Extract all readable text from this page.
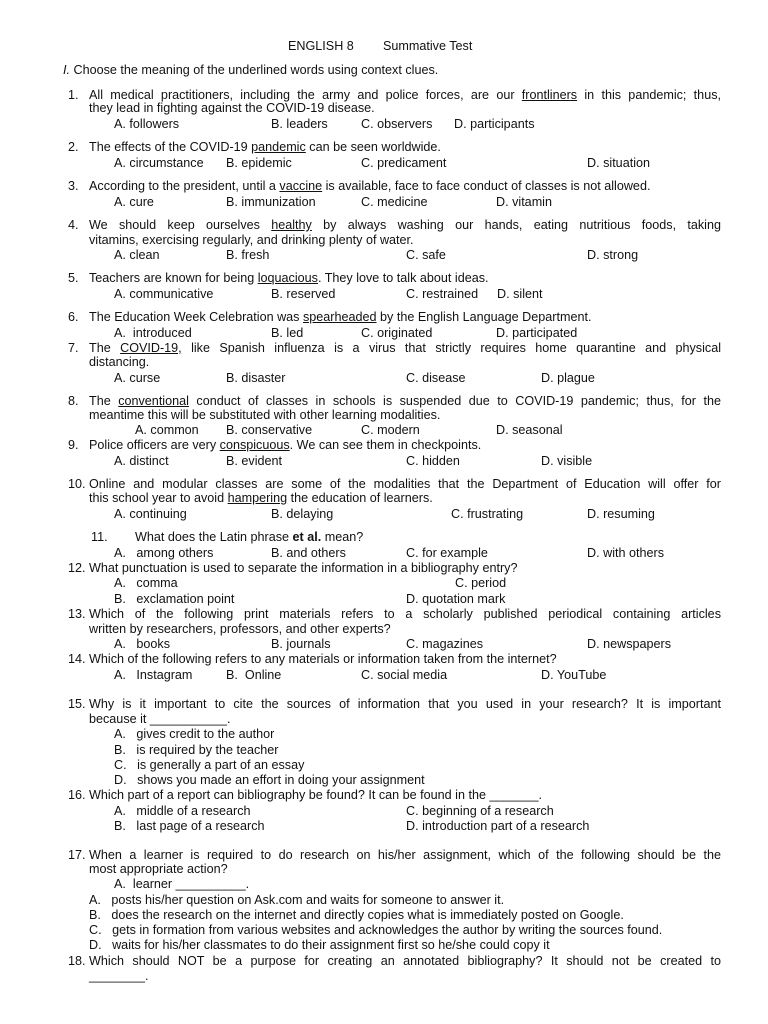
ENGLISH 8 Summative Test
I. Choose the meaning of the underlined words using context clues.
1. All medical practitioners, including the army and police forces, are our frontliners in this pandemic; thus,
they lead in fighting against the COVID-19 disease.
A. followers	B. leaders	C. observers D. participants
2. The effects of the COVID-19 pandemic can be seen worldwide.
A. circumstance B. epidemic	C. predicament	D. situation
3. According to the president, until a vaccine is available, face to face conduct of classes is not allowed.
A. cure	B. immunization	C. medicine	D. vitamin
4. We should keep ourselves healthy by always washing our hands, eating nutritious foods, taking
vitamins, exercising regularly, and drinking plenty of water.
A. clean	B. fresh	C. safe	D. strong
5. Teachers are known for being loquacious. They love to talk about ideas.
A. communicative	B. reserved	C. restrained D. silent
6. The Education Week Celebration was spearheaded by the English Language Department.
A.  introduced	B. led	C. originated	D. participated
7. The COVID-19, like Spanish influenza is a virus that strictly requires home quarantine and physical
distancing.
A. curse	B. disaster	C. disease	D. plague
8. The conventional conduct of classes in schools is suspended due to COVID-19 pandemic; thus, for the
meantime this will be substituted with other learning modalities.
A. common B. conservative	C. modern	D. seasonal
9. Police officers are very conspicuous. We can see them in checkpoints.
A. distinct	B. evident	C. hidden	D. visible
10. Online and modular classes are some of the modalities that the Department of Education will offer for
this school year to avoid hampering the education of learners.
A. continuing	B. delaying	C. frustrating	D. resuming
11. What does the Latin phrase et al. mean?
A.   among others	B. and others	C. for example	D. with others
12. What punctuation is used to separate the information in a bibliography entry?
A.   comma	C. period
B.   exclamation point	D. quotation mark
13. Which of the following print materials refers to a scholarly published periodical containing articles
written by researchers, professors, and other experts?
A.   books	B. journals	C. magazines	D. newspapers
14. Which of the following refers to any materials or information taken from the internet?
A.   Instagram	B.  Online	C. social media	D. YouTube
15. Why is it important to cite the sources of information that you used in your research? It is important
because it ___________.
A.   gives credit to the author
B.   is required by the teacher
C.   is generally a part of an essay
D.   shows you made an effort in doing your assignment
16. Which part of a report can bibliography be found? It can be found in the _______.
A.   middle of a research	C. beginning of a research
B.   last page of a research	D. introduction part of a research
17. When a learner is required to do research on his/her assignment, which of the following should be the
most appropriate action?
A.  learner __________.
A.   posts his/her question on Ask.com and waits for someone to answer it.
B.   does the research on the internet and directly copies what is immediately posted on Google.
C.   gets in formation from various websites and acknowledges the author by writing the sources found.
D.   waits for his/her classmates to do their assignment first so he/she could copy it
18. Which should NOT be a purpose for creating an annotated bibliography? It should not be created to
________.
